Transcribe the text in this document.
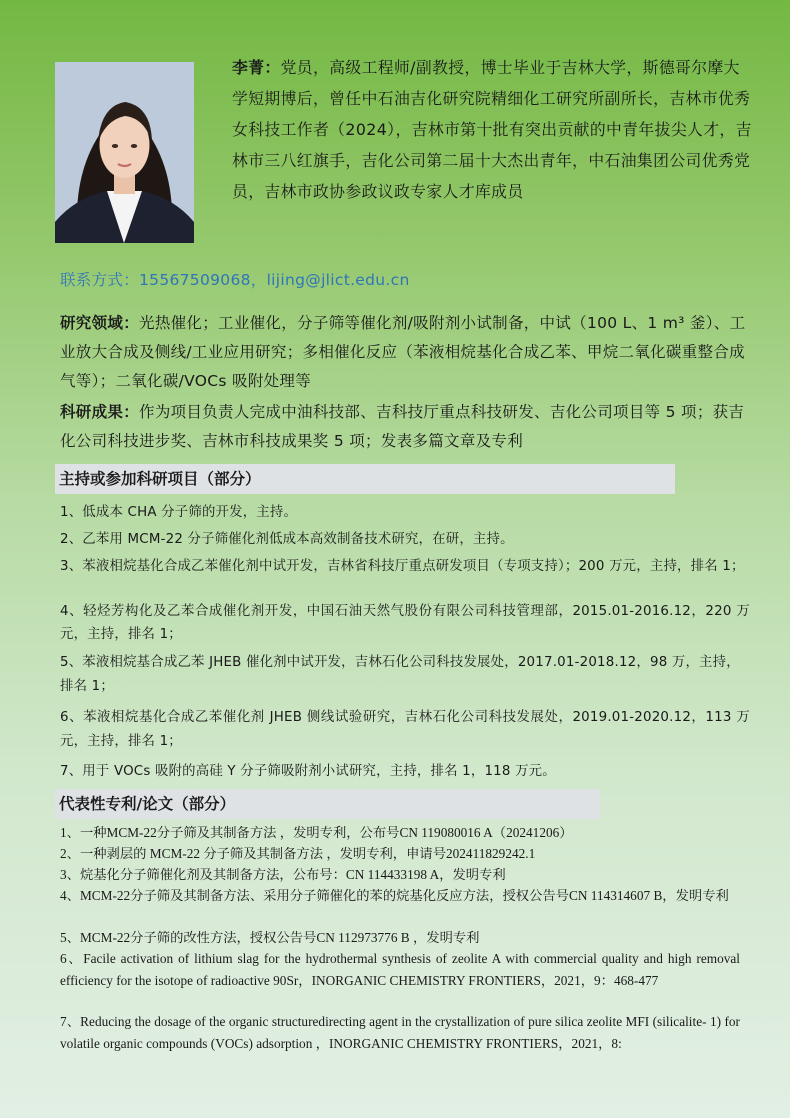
李菁：党员，高级工程师/副教授，博士毕业于吉林大学，斯德哥尔摩大学短期博后，曾任中石油吉化研究院精细化工研究所副所长，吉林市优秀女科技工作者（2024），吉林市第十批有突出贡献的中青年拔尖人才，吉林市三八红旗手，吉化公司第二届十大杰出青年，中石油集团公司优秀党员，吉林市政协参政议政专家人才库成员
联系方式：15567509068，lijing@jlict.edu.cn
研究领域：光热催化；工业催化，分子筛等催化剂/吸附剂小试制备，中试（100 L、1 m³ 釜）、工业放大合成及侧线/工业应用研究；多相催化反应（苯液相烷基化合成乙苯、甲烷二氧化碳重整合成气等）；二氧化碳/VOCs 吸附处理等
科研成果：作为项目负责人完成中油科技部、吉科技厅重点科技研发、吉化公司项目等 5 项；获吉化公司科技进步奖、吉林市科技成果奖 5 项；发表多篇文章及专利
主持或参加科研项目（部分）
1、低成本 CHA 分子筛的开发，主持。
2、乙苯用 MCM-22 分子筛催化剂低成本高效制备技术研究，在研，主持。
3、苯液相烷基化合成乙苯催化剂中试开发，吉林省科技厅重点研发项目（专项支持）；200 万元，主持，排名 1；
4、轻烃芳构化及乙苯合成催化剂开发，中国石油天然气股份有限公司科技管理部，2015.01-2016.12，220 万元，主持，排名 1；
5、苯液相烷基合成乙苯 JHEB 催化剂中试开发，吉林石化公司科技发展处，2017.01-2018.12，98 万，主持，排名 1；
6、苯液相烷基化合成乙苯催化剂 JHEB 侧线试验研究，吉林石化公司科技发展处，2019.01-2020.12，113 万元，主持，排名 1；
7、用于 VOCs 吸附的高硅 Y 分子筛吸附剂小试研究，主持，排名 1，118 万元。
代表性专利/论文（部分）
1、一种MCM-22分子筛及其制备方法 ，发明专利，公布号CN 119080016 A（20241206）
2、一种剥层的 MCM-22 分子筛及其制备方法 ，发明专利，申请号202411829242.1
3、烷基化分子筛催化剂及其制备方法，公布号：CN 114433198 A，发明专利
4、MCM-22分子筛及其制备方法、采用分子筛催化的苯的烷基化反应方法，授权公告号CN 114314607 B，发明专利
5、MCM-22分子筛的改性方法，授权公告号CN 112973776 B ，发明专利
6、Facile activation of lithium slag for the hydrothermal synthesis of zeolite A with commercial quality and high removal efficiency for the isotope of radioactive 90Sr，INORGANIC CHEMISTRY FRONTIERS，2021，9：468-477
7、Reducing the dosage of the organic structuredirecting agent in the crystallization of pure silica zeolite MFI (silicalite- 1) for volatile organic compounds (VOCs) adsorption ，INORGANIC CHEMISTRY FRONTIERS，2021，8:
